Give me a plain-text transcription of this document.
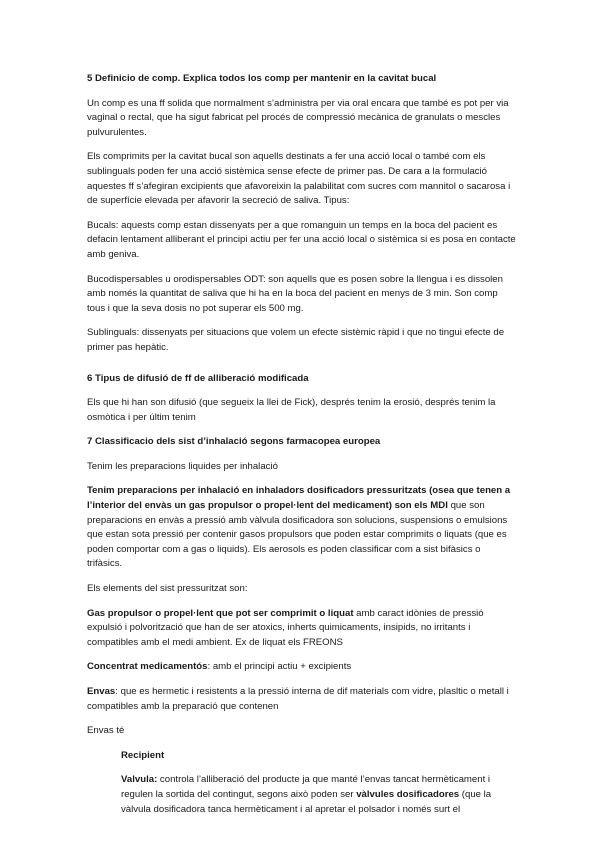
5 Definicio de comp. Explica todos los comp per mantenir en la cavitat bucal

Un comp es una ff solida que normalment s’administra per via oral encara que també es pot per via vaginal o rectal, que ha sigut fabricat pel procés de compressió mecànica de granulats o mescles pulvurulentes.

Els comprimits per la cavitat bucal son aquells destinats a fer una acció local o també com els sublinguals poden fer una acció sistèmica sense efecte de primer pas. De cara a la formulació aquestes ff s’afegiran excipients que afavoreixin la palabilitat com sucres com mannitol o sacarosa i de superfície elevada per afavorir la secreció de saliva. Tipus:

Bucals: aquests comp estan dissenyats per a que romanguin un temps en la boca del pacient es defacin lentament alliberant el principi actiu per fer una acció local o sistèmica si es posa en contacte amb geniva.

Bucodispersables u orodispersables ODT: son aquells que es posen sobre la llengua i es dissolen amb només la quantitat de saliva que hi ha en la boca del pacient en menys de 3 min. Son comp tous i que la seva dosis no pot superar els 500 mg.

Sublinguals: dissenyats per situacions que volem un efecte sistèmic ràpid i que no tingui efecte de primer pas hepàtic.

6 Tipus de difusió de ff de alliberació modificada

Els que hi han son difusió (que segueix la llei de Fick), després tenim la erosió, després tenim la osmòtica i per últim tenim

7 Classificacio dels sist d’inhalació segons farmacopea europea

Tenim les preparacions liquides per inhalació

Tenim preparacions per inhalació en inhaladors dosificadors pressuritzats (osea que tenen a l’interior del envàs un gas propulsor o propel·lent del medicament) son els MDI que son preparacions en envàs a pressió amb vàlvula dosificadora son solucions, suspensions o emulsions que estan sota pressió per contenir gasos propulsors que poden estar comprimits o liquats (que es poden comportar com a gas o liquids). Els aerosols es poden classificar com a sist bifàsics o trifàsics.

Els elements del sist pressuritzat son:

Gas propulsor o propel·lent que pot ser comprimit o liquat amb caract idònies de pressió expulsió i polvorització que han de ser atoxics, inherts quimicaments, insipids, no irritants i compatibles amb el medi ambient. Ex de liquat els FREONS

Concentrat medicamentós: amb el principi actiu + excipients

Envas: que es hermetic i resistents a la pressió interna de dif materials com vidre, plasltic o metall i compatibles amb la preparació que contenen

Envas té

Recipient

Valvula: controla l’alliberació del producte ja que manté l’envas tancat hermèticament i regulen la sortida del contingut, segons això poden ser vàlvules dosificadores (que la vàlvula dosificadora tanca hermèticament i al apretar el polsador i només surt el
